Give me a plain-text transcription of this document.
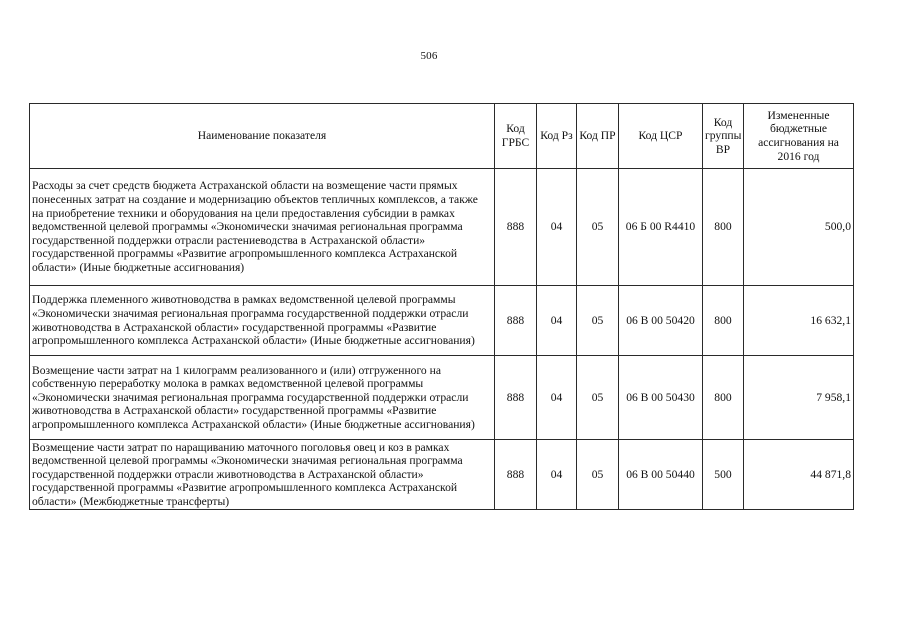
506
Наименование показателя	Код ГРБС	Код Рз	Код ПР	Код ЦСР	Код группы ВР	Измененные бюджетные ассигнования на 2016 год
Расходы за счет средств бюджета Астраханской области на возмещение части прямых понесенных затрат на создание и модернизацию объектов тепличных комплексов, а также на приобретение техники и оборудования на цели предоставления субсидии в рамках ведомственной целевой программы «Экономически значимая региональная программа государственной поддержки отрасли растениеводства в Астраханской области» государственной программы «Развитие агропромышленного комплекса Астраханской области» (Иные бюджетные ассигнования)	888	04	05	06 Б 00 R4410	800	500,0
Поддержка племенного животноводства в рамках ведомственной целевой программы «Экономически значимая региональная программа государственной поддержки отрасли животноводства в Астраханской области» государственной программы «Развитие агропромышленного комплекса Астраханской области» (Иные бюджетные ассигнования)	888	04	05	06 В 00 50420	800	16 632,1
Возмещение части затрат на 1 килограмм реализованного и (или) отгруженного на собственную переработку молока в рамках ведомственной целевой программы «Экономически значимая региональная программа государственной поддержки отрасли животноводства в Астраханской области» государственной программы «Развитие агропромышленного комплекса Астраханской области» (Иные бюджетные ассигнования)	888	04	05	06 В 00 50430	800	7 958,1
Возмещение части затрат по наращиванию маточного поголовья овец и коз в рамках ведомственной целевой программы «Экономически значимая региональная программа государственной поддержки отрасли животноводства в Астраханской области» государственной программы «Развитие агропромышленного комплекса Астраханской области» (Межбюджетные трансферты)	888	04	05	06 В 00 50440	500	44 871,8
